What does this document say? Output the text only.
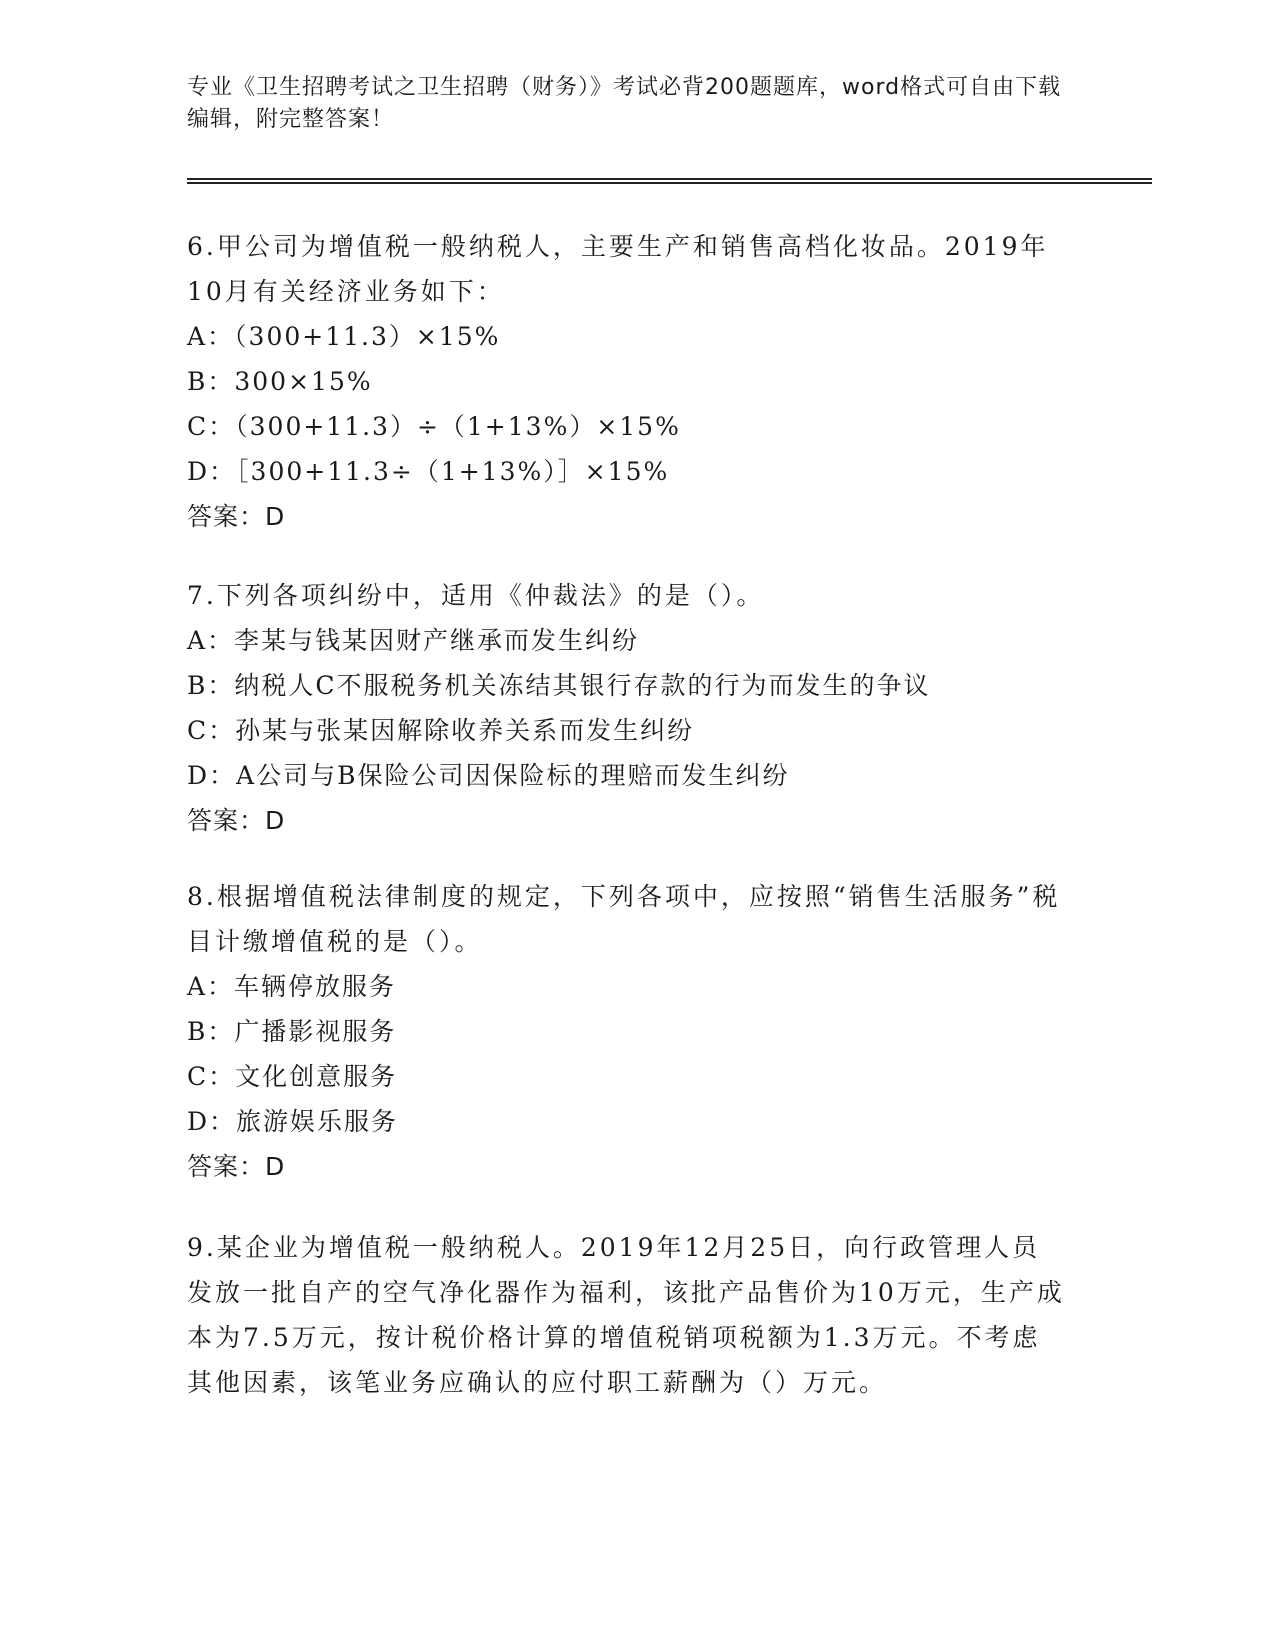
专业《卫生招聘考试之卫生招聘（财务）》考试必背200题题库，word格式可自由下载编辑，附完整答案！
6.甲公司为增值税一般纳税人，主要生产和销售高档化妆品。2019年10月有关经济业务如下：
A：（300+11.3）×15%
B：300×15%
C：（300+11.3）÷（1+13%）×15%
D：［300+11.3÷（1+13%）］×15%
答案：D
7.下列各项纠纷中，适用《仲裁法》的是（）。
A：李某与钱某因财产继承而发生纠纷
B：纳税人C不服税务机关冻结其银行存款的行为而发生的争议
C：孙某与张某因解除收养关系而发生纠纷
D：A公司与B保险公司因保险标的理赔而发生纠纷
答案：D
8.根据增值税法律制度的规定，下列各项中，应按照“销售生活服务”税目计缴增值税的是（）。
A：车辆停放服务
B：广播影视服务
C：文化创意服务
D：旅游娱乐服务
答案：D
9.某企业为增值税一般纳税人。2019年12月25日，向行政管理人员发放一批自产的空气净化器作为福利，该批产品售价为10万元，生产成本为7.5万元，按计税价格计算的增值税销项税额为1.3万元。不考虑其他因素，该笔业务应确认的应付职工薪酬为（）万元。
